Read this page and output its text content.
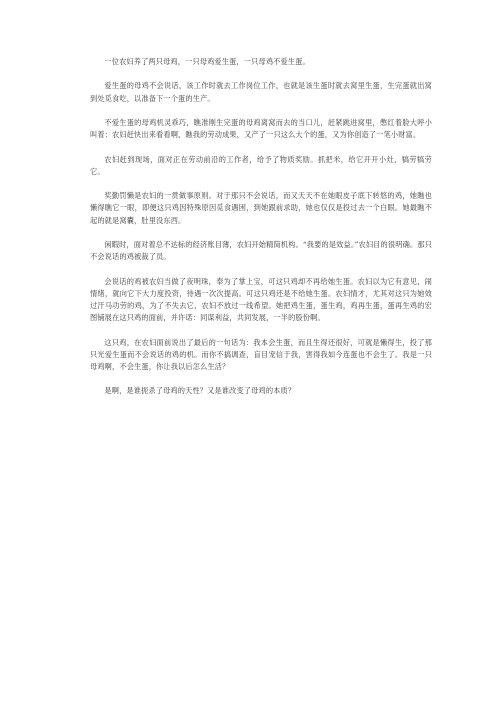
一位农妇养了两只母鸡，一只母鸡爱生蛋，一只母鸡不爱生蛋。

爱生蛋的母鸡不会说话，该工作时就去工作岗位工作，也就是该生蛋时就去窝里生蛋，生完蛋就出窝到处觅食吃，以准备下一个蛋的生产。

不爱生蛋的母鸡机灵乖巧，瞧准刚生完蛋的母鸡离窝而去的当口儿，赶紧跳进窝里，憋红着脸大呼小叫着：农妇赶快出来看看啊，瞧我的劳动成果，又产了一只这么大个的蛋，又为你创造了一笔小财富。

农妇赶到现场，面对正在劳动前沿的工作者，给予了物质奖励。抓把米，给它开开小灶，犒劳犒劳它。

奖勤罚懒是农妇的一贯做事原则。对于那只不会说话，而又天天不在她眼皮子底下转悠的鸡，她瞧也懒得瞧它一眼，即便这只鸡因特殊原因觅食遇困，到她跟前求助，她也仅仅是投过去一个白眼。她最瞧不起的就是窝囊，肚里没东西。

闲暇时，面对着总不达标的经济账目薄，农妇开始精简机构。“我要的是效益。”农妇目的很明确。那只不会说话的鸡被裁了员。

会说话的鸡被农妇当做了夜明珠，奉为了掌上宝，可这只鸡却不再给她生蛋。农妇以为它有意见，闹情绪，就向它下大力度投资，待遇一次次提高。可这只鸡还是不给她生蛋。农妇情才，尤其对这只为她效过汗马功劳的鸡，为了不失去它，农妇不放过一线希望。她把鸡生蛋，蛋生鸡，鸡再生蛋，蛋再生鸡的宏图铺展在这只鸡的面前，并许诺：同谋利益，共同发展，一半的股份啊。

这只鸡，在农妇面前说出了最后的一句话为：我本会生蛋，而且生得还很好，可就是懒得生，投了那只光爱生蛋而不会说话的鸡的机。而你不搞调查，盲目宠信于我，害得我如今连蛋也不会生了。我是一只母鸡啊，不会生蛋，你让我以后怎么生活？

是啊，是谁扼杀了母鸡的天性？又是谁改变了母鸡的本质？
